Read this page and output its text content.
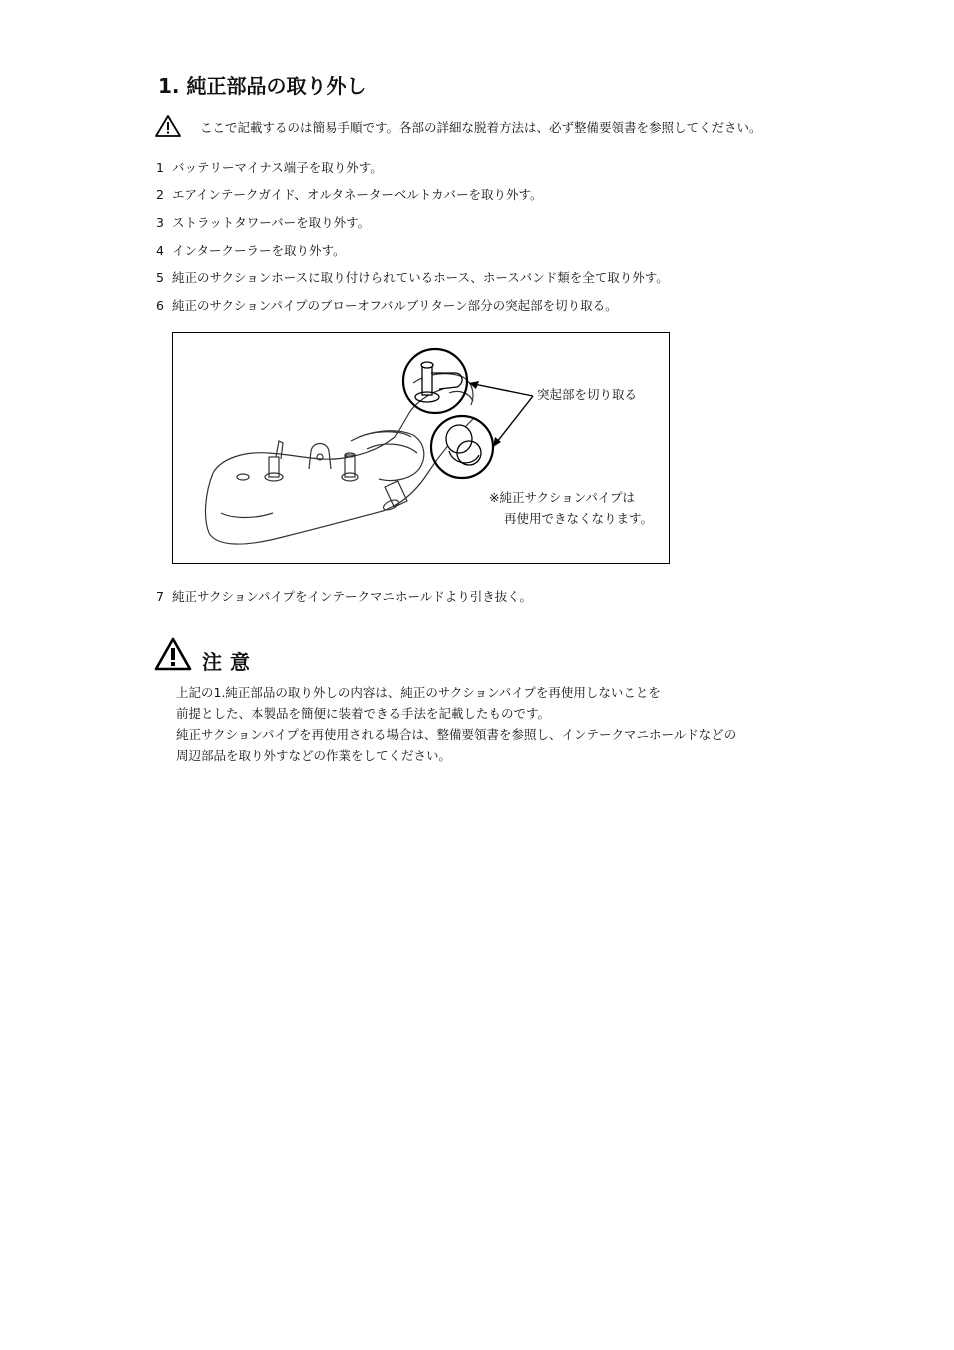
1. 純正部品の取り外し
ここで記載するのは簡易手順です。各部の詳細な脱着方法は、必ず整備要領書を参照してください。
1 バッテリーマイナス端子を取り外す。
2 エアインテークガイド、オルタネーターベルトカバーを取り外す。
3 ストラットタワーバーを取り外す。
4 インタークーラーを取り外す。
5 純正のサクションホースに取り付けられているホース、ホースバンド類を全て取り外す。
6 純正のサクションパイプのブローオフバルブリターン部分の突起部を切り取る。
突起部を切り取る
※純正サクションパイプは
再使用できなくなります。
7 純正サクションパイプをインテークマニホールドより引き抜く。
注意
上記の1.純正部品の取り外しの内容は、純正のサクションパイプを再使用しないことを
前提とした、本製品を簡便に装着できる手法を記載したものです。
純正サクションパイプを再使用される場合は、整備要領書を参照し、インテークマニホールドなどの
周辺部品を取り外すなどの作業をしてください。
